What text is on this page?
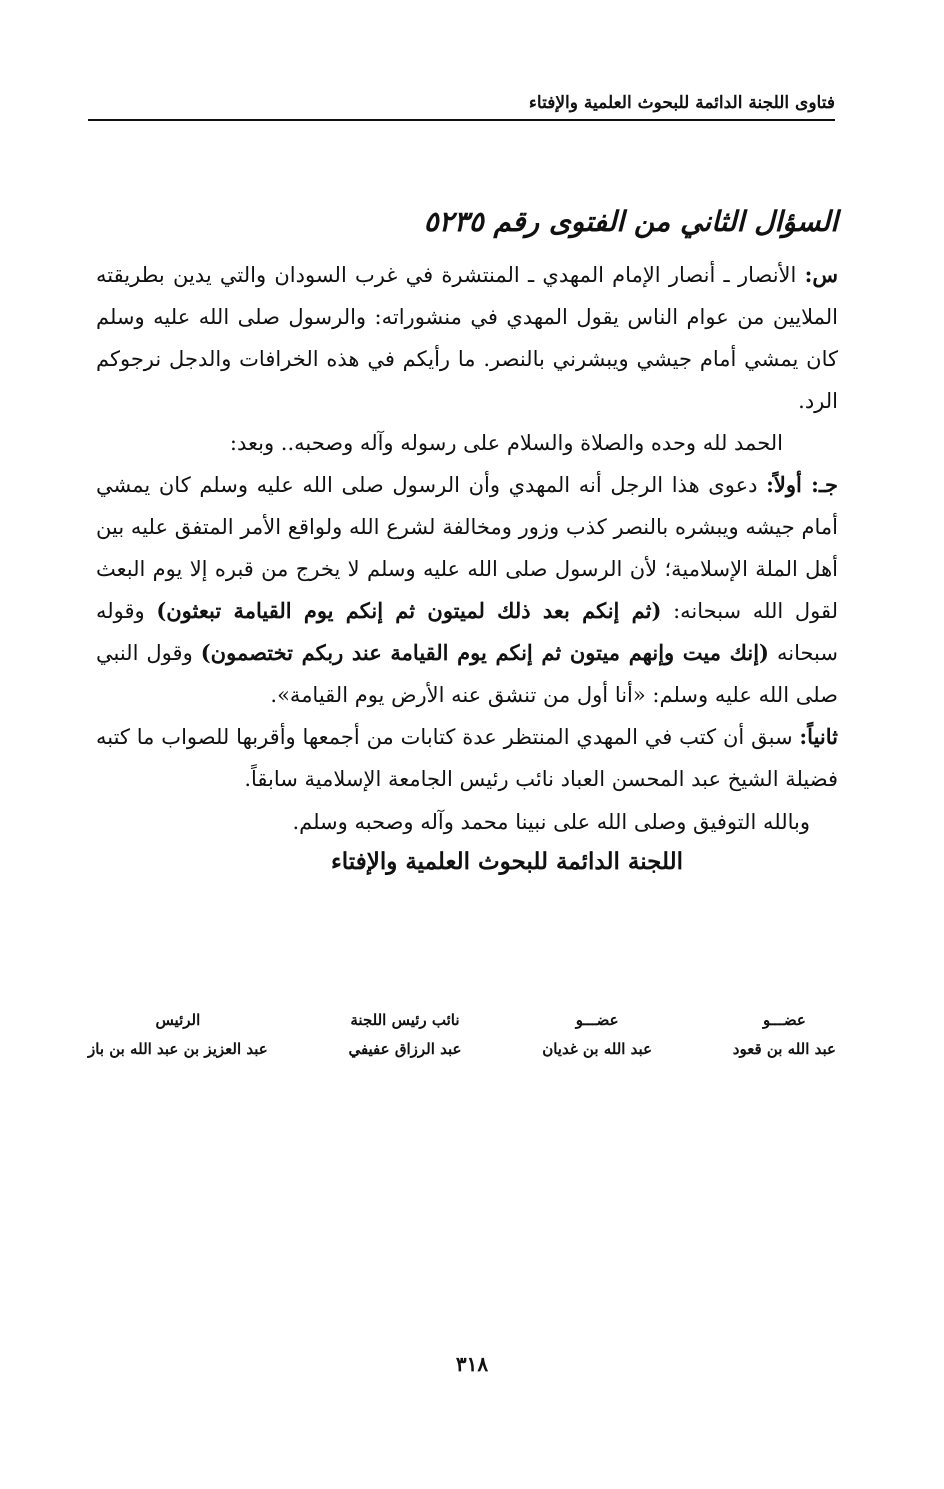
فتاوى اللجنة الدائمة للبحوث العلمية والإفتاء
السؤال الثاني من الفتوى رقم ٥٢٣٥

س: الأنصار ـ أنصار الإمام المهدي ـ المنتشرة في غرب السودان والتي يدين بطريقته الملايين من عوام الناس يقول المهدي في منشوراته: والرسول صلى الله عليه وسلم كان يمشي أمام جيشي ويبشرني بالنصر. ما رأيكم في هذه الخرافات والدجل نرجوكم الرد.

الحمد لله وحده والصلاة والسلام على رسوله وآله وصحبه.. وبعد:

جـ: أولاً: دعوى هذا الرجل أنه المهدي وأن الرسول صلى الله عليه وسلم كان يمشي أمام جيشه ويبشره بالنصر كذب وزور ومخالفة لشرع الله ولواقع الأمر المتفق عليه بين أهل الملة الإسلامية؛ لأن الرسول صلى الله عليه وسلم لا يخرج من قبره إلا يوم البعث لقول الله سبحانه: (ثم إنكم بعد ذلك لميتون ثم إنكم يوم القيامة تبعثون) وقوله سبحانه (إنك ميت وإنهم ميتون ثم إنكم يوم القيامة عند ربكم تختصمون) وقول النبي صلى الله عليه وسلم: «أنا أول من تنشق عنه الأرض يوم القيامة».

ثانياً: سبق أن كتب في المهدي المنتظر عدة كتابات من أجمعها وأقربها للصواب ما كتبه فضيلة الشيخ عبد المحسن العباد نائب رئيس الجامعة الإسلامية سابقاً.

وبالله التوفيق وصلى الله على نبينا محمد وآله وصحبه وسلم.

اللجنة الدائمة للبحوث العلمية والإفتاء

عضـــو
عبد الله بن قعود
عضـــو
عبد الله بن غديان
نائب رئيس اللجنة
عبد الرزاق عفيفي
الرئيس
عبد العزيز بن عبد الله بن باز
٣١٨
